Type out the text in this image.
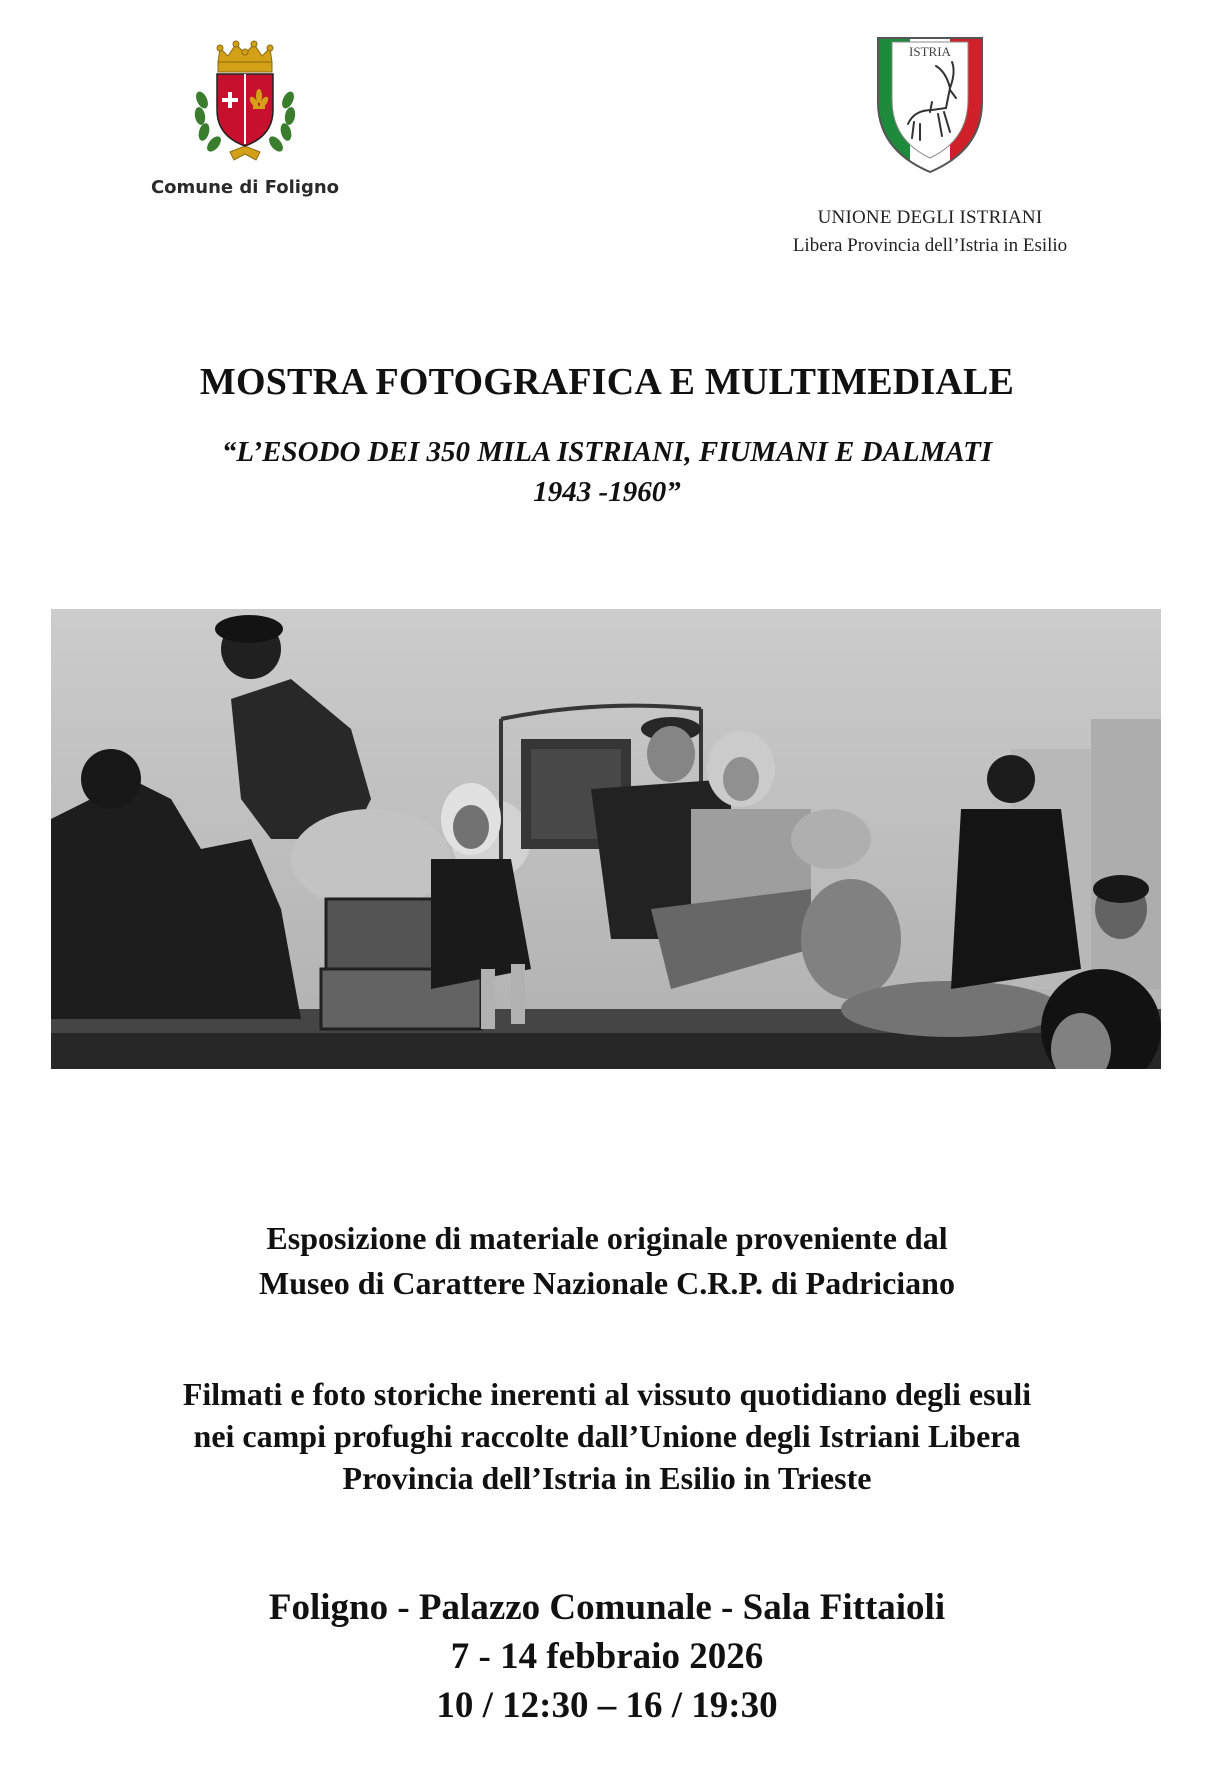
Comune di Foligno
ISTRIA
UNIONE DEGLI ISTRIANI
Libera Provincia dell’Istria in Esilio
MOSTRA FOTOGRAFICA E MULTIMEDIALE
“L’ESODO DEI 350 MILA ISTRIANI, FIUMANI E DALMATI
1943 -1960”

Esposizione di materiale originale proveniente dal

Museo di Carattere Nazionale C.R.P. di Padriciano

Filmati e foto storiche inerenti al vissuto quotidiano degli esuli

nei campi profughi raccolte dall’Unione degli Istriani Libera

Provincia dell’Istria in Esilio in Trieste

Foligno - Palazzo Comunale - Sala Fittaioli

7 - 14 febbraio 2026

10 / 12:30 – 16 / 19:30
